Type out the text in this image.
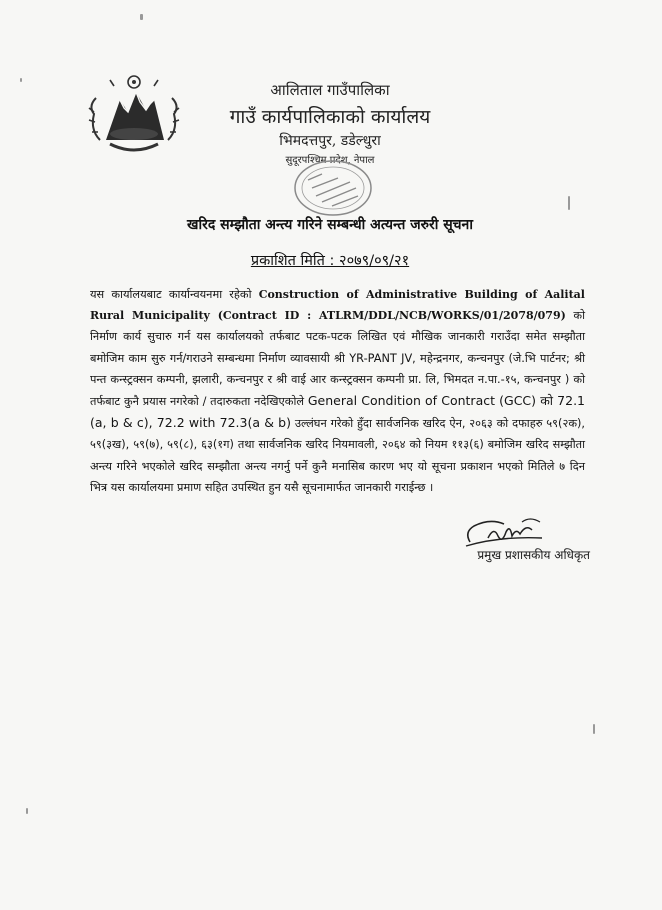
आलिताल गाउँपालिका
गाउँ कार्यपालिकाको कार्यालय
भिमदत्तपुर, डडेल्धुरा
सुदूरपश्चिम प्रदेश, नेपाल
खरिद सम्झौता अन्त्य गरिने सम्बन्धी अत्यन्त जरुरी सूचना
प्रकाशित मिति : २०७९/०९/२१
यस कार्यालयबाट कार्यान्वयनमा रहेको Construction of Administrative Building of Aalital Rural Municipality (Contract ID : ATLRM/DDL/NCB/WORKS/01/2078/079) को निर्माण कार्य सुचारु गर्न यस कार्यालयको तर्फबाट पटक-पटक लिखित एवं मौखिक जानकारी गराउँदा समेत सम्झौता बमोजिम काम सुरु गर्न/गराउने सम्बन्धमा निर्माण व्यावसायी श्री YR-PANT JV, महेन्द्रनगर, कन्चनपुर (जे.भि पार्टनर; श्री पन्त कन्स्ट्रक्सन कम्पनी, झलारी, कन्चनपुर र श्री वाई आर कन्स्ट्रक्सन कम्पनी प्रा. लि, भिमदत न.पा.-१५, कन्चनपुर ) को तर्फबाट कुनै प्रयास नगरेको / तदारुकता नदेखिएकोले General Condition of Contract (GCC) को 72.1 (a, b & c), 72.2 with 72.3(a & b) उल्लंघन गरेको हुँदा सार्वजनिक खरिद ऐन, २०६३ को दफाहरु ५९(२क), ५९(३ख), ५९(७), ५९(८), ६३(१ग) तथा सार्वजनिक खरिद नियमावली, २०६४ को नियम ११३(६) बमोजिम खरिद सम्झौता अन्त्य गरिने भएकोले खरिद सम्झौता अन्त्य नगर्नु पर्ने कुनै मनासिब कारण भए यो सूचना प्रकाशन भएको मितिले ७ दिन भित्र यस कार्यालयमा प्रमाण सहित उपस्थित हुन यसै सूचनामार्फत जानकारी गराईन्छ ।
प्रमुख प्रशासकीय अधिकृत
